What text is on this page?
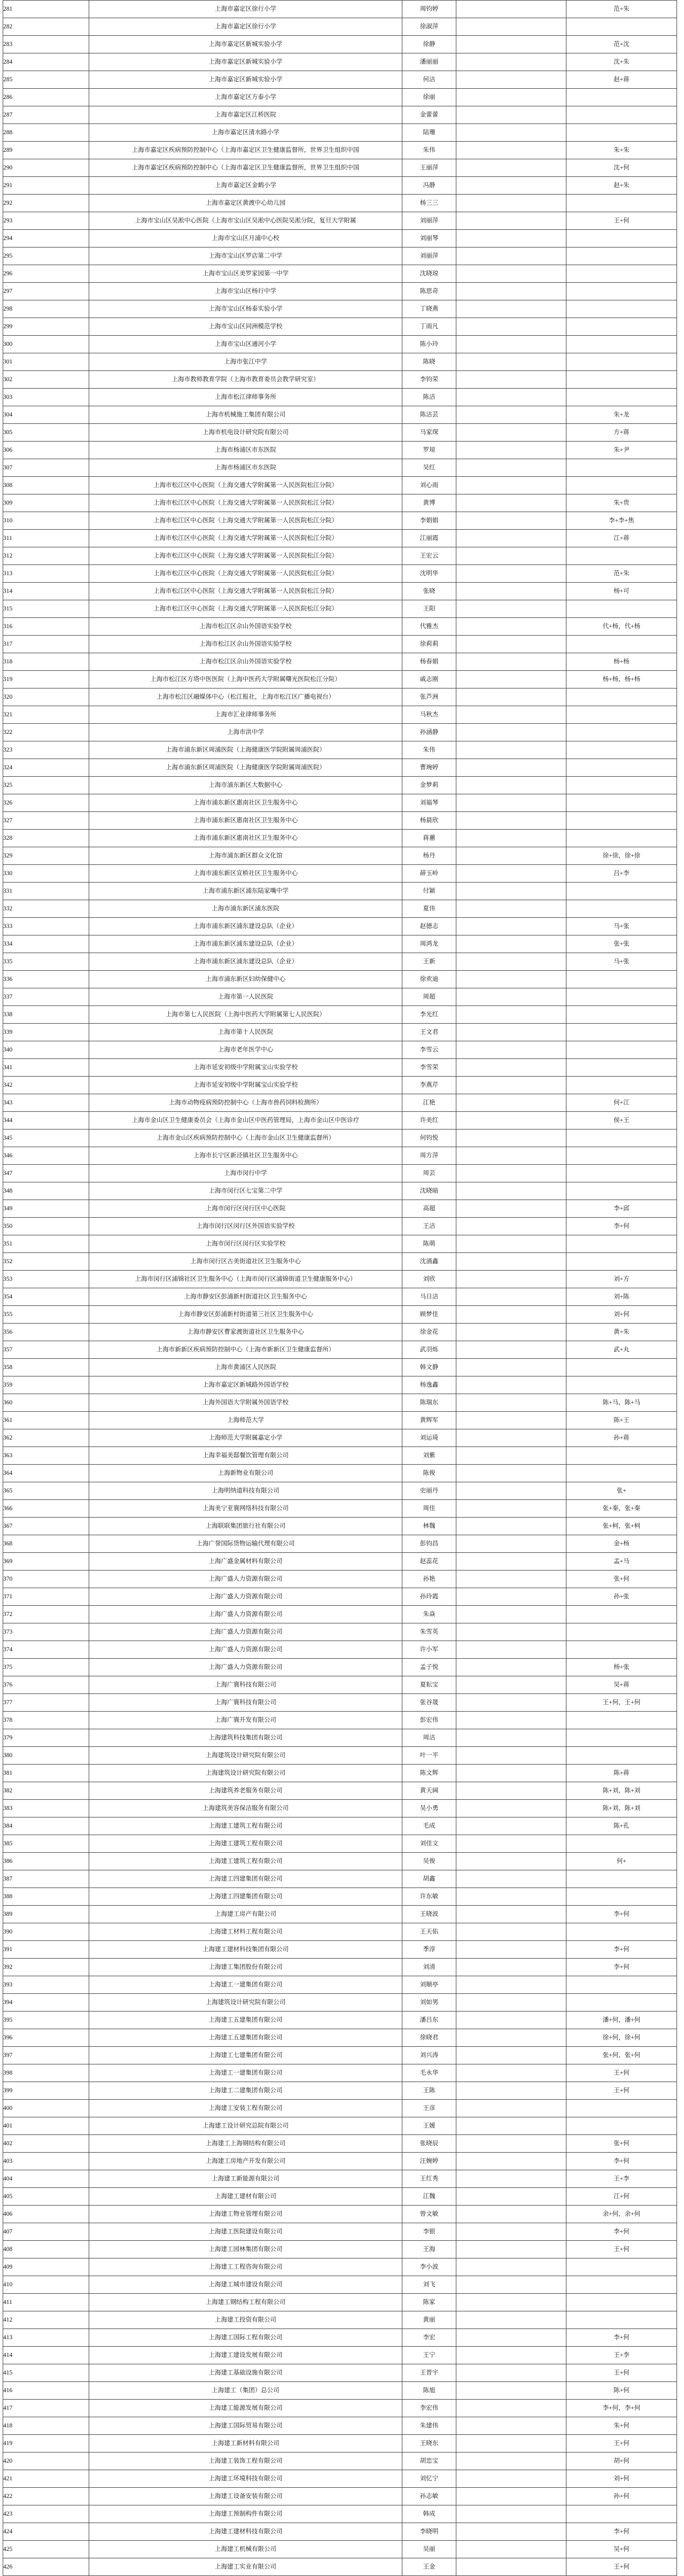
281	上海市嘉定区徐行小学	周钧婷		范+朱
282	上海市嘉定区徐行小学	徐淑萍		
283	上海市嘉定区新城实验小学	徐静		范+沈
284	上海市嘉定区新城实验小学	潘丽丽		沈+朱
285	上海市嘉定区新城实验小学	何洁		赵+蒋
286	上海市嘉定区方泰小学	徐丽		
287	上海市嘉定区江桥医院	金蕾蕾		
288	上海市嘉定区清水路小学	陆珊		
289	上海市嘉定区疾病预防控制中心（上海市嘉定区卫生健康监督所，世界卫生组织中国	朱伟		朱+朱
290	上海市嘉定区疾病预防控制中心（上海市嘉定区卫生健康监督所，世界卫生组织中国	王丽萍		沈+何
291	上海市嘉定区金鹤小学	冯静		赵+朱
292	上海市嘉定区黄渡中心幼儿园	杨三三		
293	上海市宝山区吴淞中心医院（上海市宝山区吴淞中心医院吴淞分院，复旦大学附属	刘丽萍		王+何
294	上海市宝山区月浦中心校	刘丽琴		
295	上海市宝山区罗店第二中学	刘丽萍		
296	上海市宝山区美罗家园第一中学	沈晓琼		
297	上海市宝山区杨行中学	陈思奇		
298	上海市宝山区杨泰实验小学	丁晓燕		
299	上海市宝山区同洲模范学校	丁雨凡		
300	上海市宝山区通河小学	陈小玲		
301	上海市张江中学	陈晓		
302	上海市教师教育学院（上海市教育委员会教学研究室）	李钧荣		
303	上海市松江律师事务所	陈洁		
304	上海市机械施工集团有限公司	陈洁芸		朱+龙
305	上海市机电设计研究院有限公司	马家琛		方+蒋
306	上海市杨浦区市东医院	罗琼		朱+尹
307	上海市杨浦区市东医院	吴红		
308	上海市松江区中心医院（上海交通大学附属第一人民医院松江分院）	刘心雨		
309	上海市松江区中心医院（上海交通大学附属第一人民医院松江分院）	黄博		朱+贵
310	上海市松江区中心医院（上海交通大学附属第一人民医院松江分院）	李娟娟		李+李+焦
311	上海市松江区中心医院（上海交通大学附属第一人民医院松江分院）	江丽霞		江+蒋
312	上海市松江区中心医院（上海交通大学附属第一人民医院松江分院）	王宏云		
313	上海市松江区中心医院（上海交通大学附属第一人民医院松江分院）	沈明华		范+朱
314	上海市松江区中心医院（上海交通大学附属第一人民医院松江分院）	张晓		杨+可
315	上海市松江区中心医院（上海交通大学附属第一人民医院松江分院）	王阳		
316	上海市松江区佘山外国语实验学校	代雅杰		代+杨，代+杨
317	上海市松江区佘山外国语实验学校	徐莉莉		
318	上海市松江区佘山外国语实验学校	杨春娟		杨+杨
319	上海市松江区方塔中医医院（上海中医药大学附属曙光医院松江分院）	戚志刚		杨+杨，杨+杨
320	上海市松江区融媒体中心（松江报社，上海市松江区广播电视台）	张芦洲		
321	上海市汇业律师事务所	马秋杰		
322	上海市洪中学	孙涵静		
323	上海市浦东新区周浦医院（上海健康医学院附属周浦医院）	朱伟		
324	上海市浦东新区周浦医院（上海健康医学院附属周浦医院）	曹琬婷		
325	上海市浦东新区大数据中心	金梦莉		
326	上海市浦东新区惠南社区卫生服务中心	刘福琴		
327	上海市浦东新区惠南社区卫生服务中心	杨晨欣		
328	上海市浦东新区惠南社区卫生服务中心	蒋蕙		
329	上海市浦东新区群众文化馆	杨丹		徐+徐，徐+徐
330	上海市浦东新区宣桥社区卫生服务中心	薛玉岭		吕+李
331	上海市浦东新区浦东陆家嘴中学	付颖		
332	上海市浦东新区浦东医院	夏伟		
333	上海市浦东新区浦东建设总队（企业）	赵德志		马+张
334	上海市浦东新区浦东建设总队（企业）	周鸿龙		张+张
335	上海市浦东新区浦东建设总队（企业）	王新		马+张
336	上海市浦东新区妇幼保健中心	徐欢迪		
337	上海市第一人民医院	周超		
338	上海市第七人民医院（上海中医药大学附属第七人民医院）	李光红		
339	上海市第十人民医院	王文君		
340	上海市老年医学中心	李雪云		
341	上海市延安初级中学附属宝山实验学校	李雪荣		
342	上海市延安初级中学附属宝山实验学校	李燕芹		
343	上海市动物疫病预防控制中心（上海市兽药饲料检测所）	江艳		何+江
344	上海市金山区卫生健康委员会（上海市金山区中医药管理局，上海市金山区中医诊疗	许美红		侯+王
345	上海市金山区疾病预防控制中心（上海市金山区卫生健康监督所）	何钧悦		
346	上海市长宁区新泾镇社区卫生服务中心	周方萍		
347	上海市闵行中学	周芸		
348	上海市闵行区七宝第二中学	沈晓暗		
349	上海市闵行区闵行区中心医院	高超		李+邱
350	上海市闵行区闵行区外国语实验学校	王洁		李+何
351	上海市闵行区闵行区实验学校	陈萌		
352	上海市闵行区古美街道社区卫生服务中心	沈涌鑫		
353	上海市闵行区浦锦社区卫生服务中心（上海市闵行区浦锦街道卫生健康服务中心）	刘欣		刘+方
354	上海市静安区彭浦新村街道社区卫生服务中心	马日洁		刘+陈
355	上海市静安区彭浦新村街道第三社区卫生服务中心	顾梦佳		刘+何
356	上海市静安区曹家渡街道社区卫生服务中心	徐金花		黄+朱
357	上海市新新区疾病预防控制中心（上海市新新区卫生健康监督所）	武羽烁		武+丸
358	上海市黄浦区人民医院	韩文静		
359	上海市嘉定区新城路外国语学校	杨逸鑫		
360	上海外国语大学附属外国语学校	陈瑞东		陈+马，陈+马
361	上海师范大学	黄辉军		陈+王
362	上海师范大学附属嘉定小学	刘运琦		孙+蒋
363	上海幸福美邸餐饮管理有限公司	刘紫		
364	上海新物业有限公司	陈俊		
365	上海明纳道科技有限公司	史丽丹		张+
366	上海美宁亚寰网络科技有限公司	周佳		张+秦，张+秦
367	上海联联集团旅行社有限公司	林魏		张+柯，张+柯
368	上海广誉国际货物运输代理有限公司	彭钧昌		金+杨
369	上海广盛金属材料有限公司	赵蕊花		孟+马
370	上海广盛人力资源有限公司	孙艳		张+何
371	上海广盛人力资源有限公司	孙玲霞		孙+张
372	上海广盛人力资源有限公司	朱焱		
373	上海广盛人力资源有限公司	朱雪英		
374	上海广盛人力资源有限公司	许小军		
375	上海广盛人力资源有限公司	孟子悦		杨+张
376	上海广寰科技有限公司	夏耘宝		吴+蒋
377	上海广寰科技有限公司	张谷晟		王+何，王+何
378	上海广寰开发有限公司	彭宏伟		
379	上海建筑科技集团有限公司	周洁		
380	上海建筑设计研究院有限公司	叶一平		
381	上海建筑设计研究院有限公司	陈文辉		陈+蒋
382	上海建筑养老服务有限公司	黄天阔		陈+刘，陈+刘
383	上海建筑美容保洁服务有限公司	吴小勇		陈+刘，陈+刘
384	上海建工建筑工程有限公司	毛成		陈+孔
385	上海建工建筑工程有限公司	刘佳文		
386	上海建工建筑工程有限公司	吴俊		何+
387	上海建工四建集团有限公司	胡鑫		
388	上海建工四建集团有限公司	许东敏		
389	上海建工房产有限公司	王晓波		李+何
390	上海建工材料工程有限公司	王天佑		
391	上海建工建材科技集团有限公司	季淳		李+何
392	上海建工集团股份有限公司	刘清		李+何
393	上海建工一建集团有限公司	刘顺亭		
394	上海建筑设计研究院有限公司	刘如男		
395	上海建工五建集团有限公司	潘吕东		潘+何，潘+何
396	上海建工五建集团有限公司	徐晓君		徐+何，徐+何
397	上海建工七建集团有限公司	刘兴涛		张+何，张+何
398	上海建工一建集团有限公司	毛永华		王+何
399	上海建工二建集团有限公司	王陈		王+何
400	上海建工安装工程有限公司	王彦		
401	上海建工设计研究总院有限公司	王媛		
402	上海建工上海钢结构有限公司	张晓辰		张+何
403	上海建工房地产开发有限公司	汪婉婷		李+何
404	上海建工新能源有限公司	王红秀		王+李
405	上海建工建材有限公司	江魏		江+何
406	上海建工物业管理有限公司	曾文敏		余+何，余+何
407	上海建工医院建设有限公司	李银		李+何
408	上海建工园林集团有限公司	王海		王+何
409	上海建工工程咨询有限公司	李小波		
410	上海建工城市建设有限公司	刘飞		
411	上海建工钢结构工程有限公司	陈家		
412	上海建工投资有限公司	黄丽		
413	上海建工国际工程有限公司	李宏		李+何
414	上海建工建设发展有限公司	王宁		王+李
415	上海建工基础设施有限公司	王晋宇		王+何
416	上海建工（集团）总公司	陈旭		陈+何
417	上海建工能源发展有限公司	李宏伟		李+何，李+何
418	上海建工国际贸易有限公司	朱建伟		朱+何
419	上海建工新材料有限公司	王晓东		王+何
420	上海建工装饰工程有限公司	胡忠宝		胡+何
421	上海建工环境科技有限公司	刘忆宁		刘+何
422	上海建工设备安装有限公司	孙志敏		孙+何
423	上海建工预制构件有限公司	韩成		
424	上海建工建材科技有限公司	李晓明		李+何
425	上海建工机械有限公司	吴丽		吴+何
426	上海建工实业有限公司	王金		王+何
